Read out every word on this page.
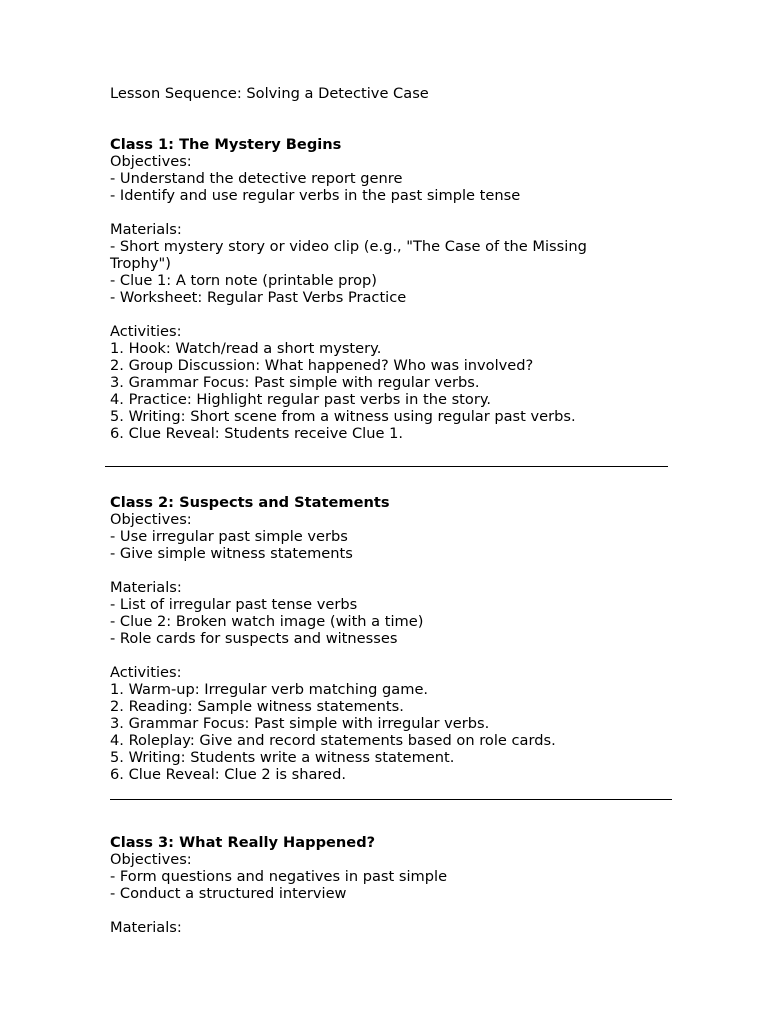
Lesson Sequence: Solving a Detective Case
Class 1: The Mystery Begins
Objectives:
- Understand the detective report genre
- Identify and use regular verbs in the past simple tense
Materials:
- Short mystery story or video clip (e.g., "The Case of the Missing
Trophy")
- Clue 1: A torn note (printable prop)
- Worksheet: Regular Past Verbs Practice
Activities:
1. Hook: Watch/read a short mystery.
2. Group Discussion: What happened? Who was involved?
3. Grammar Focus: Past simple with regular verbs.
4. Practice: Highlight regular past verbs in the story.
5. Writing: Short scene from a witness using regular past verbs.
6. Clue Reveal: Students receive Clue 1.
Class 2: Suspects and Statements
Objectives:
- Use irregular past simple verbs
- Give simple witness statements
Materials:
- List of irregular past tense verbs
- Clue 2: Broken watch image (with a time)
- Role cards for suspects and witnesses
Activities:
1. Warm-up: Irregular verb matching game.
2. Reading: Sample witness statements.
3. Grammar Focus: Past simple with irregular verbs.
4. Roleplay: Give and record statements based on role cards.
5. Writing: Students write a witness statement.
6. Clue Reveal: Clue 2 is shared.
Class 3: What Really Happened?
Objectives:
- Form questions and negatives in past simple
- Conduct a structured interview
Materials:
